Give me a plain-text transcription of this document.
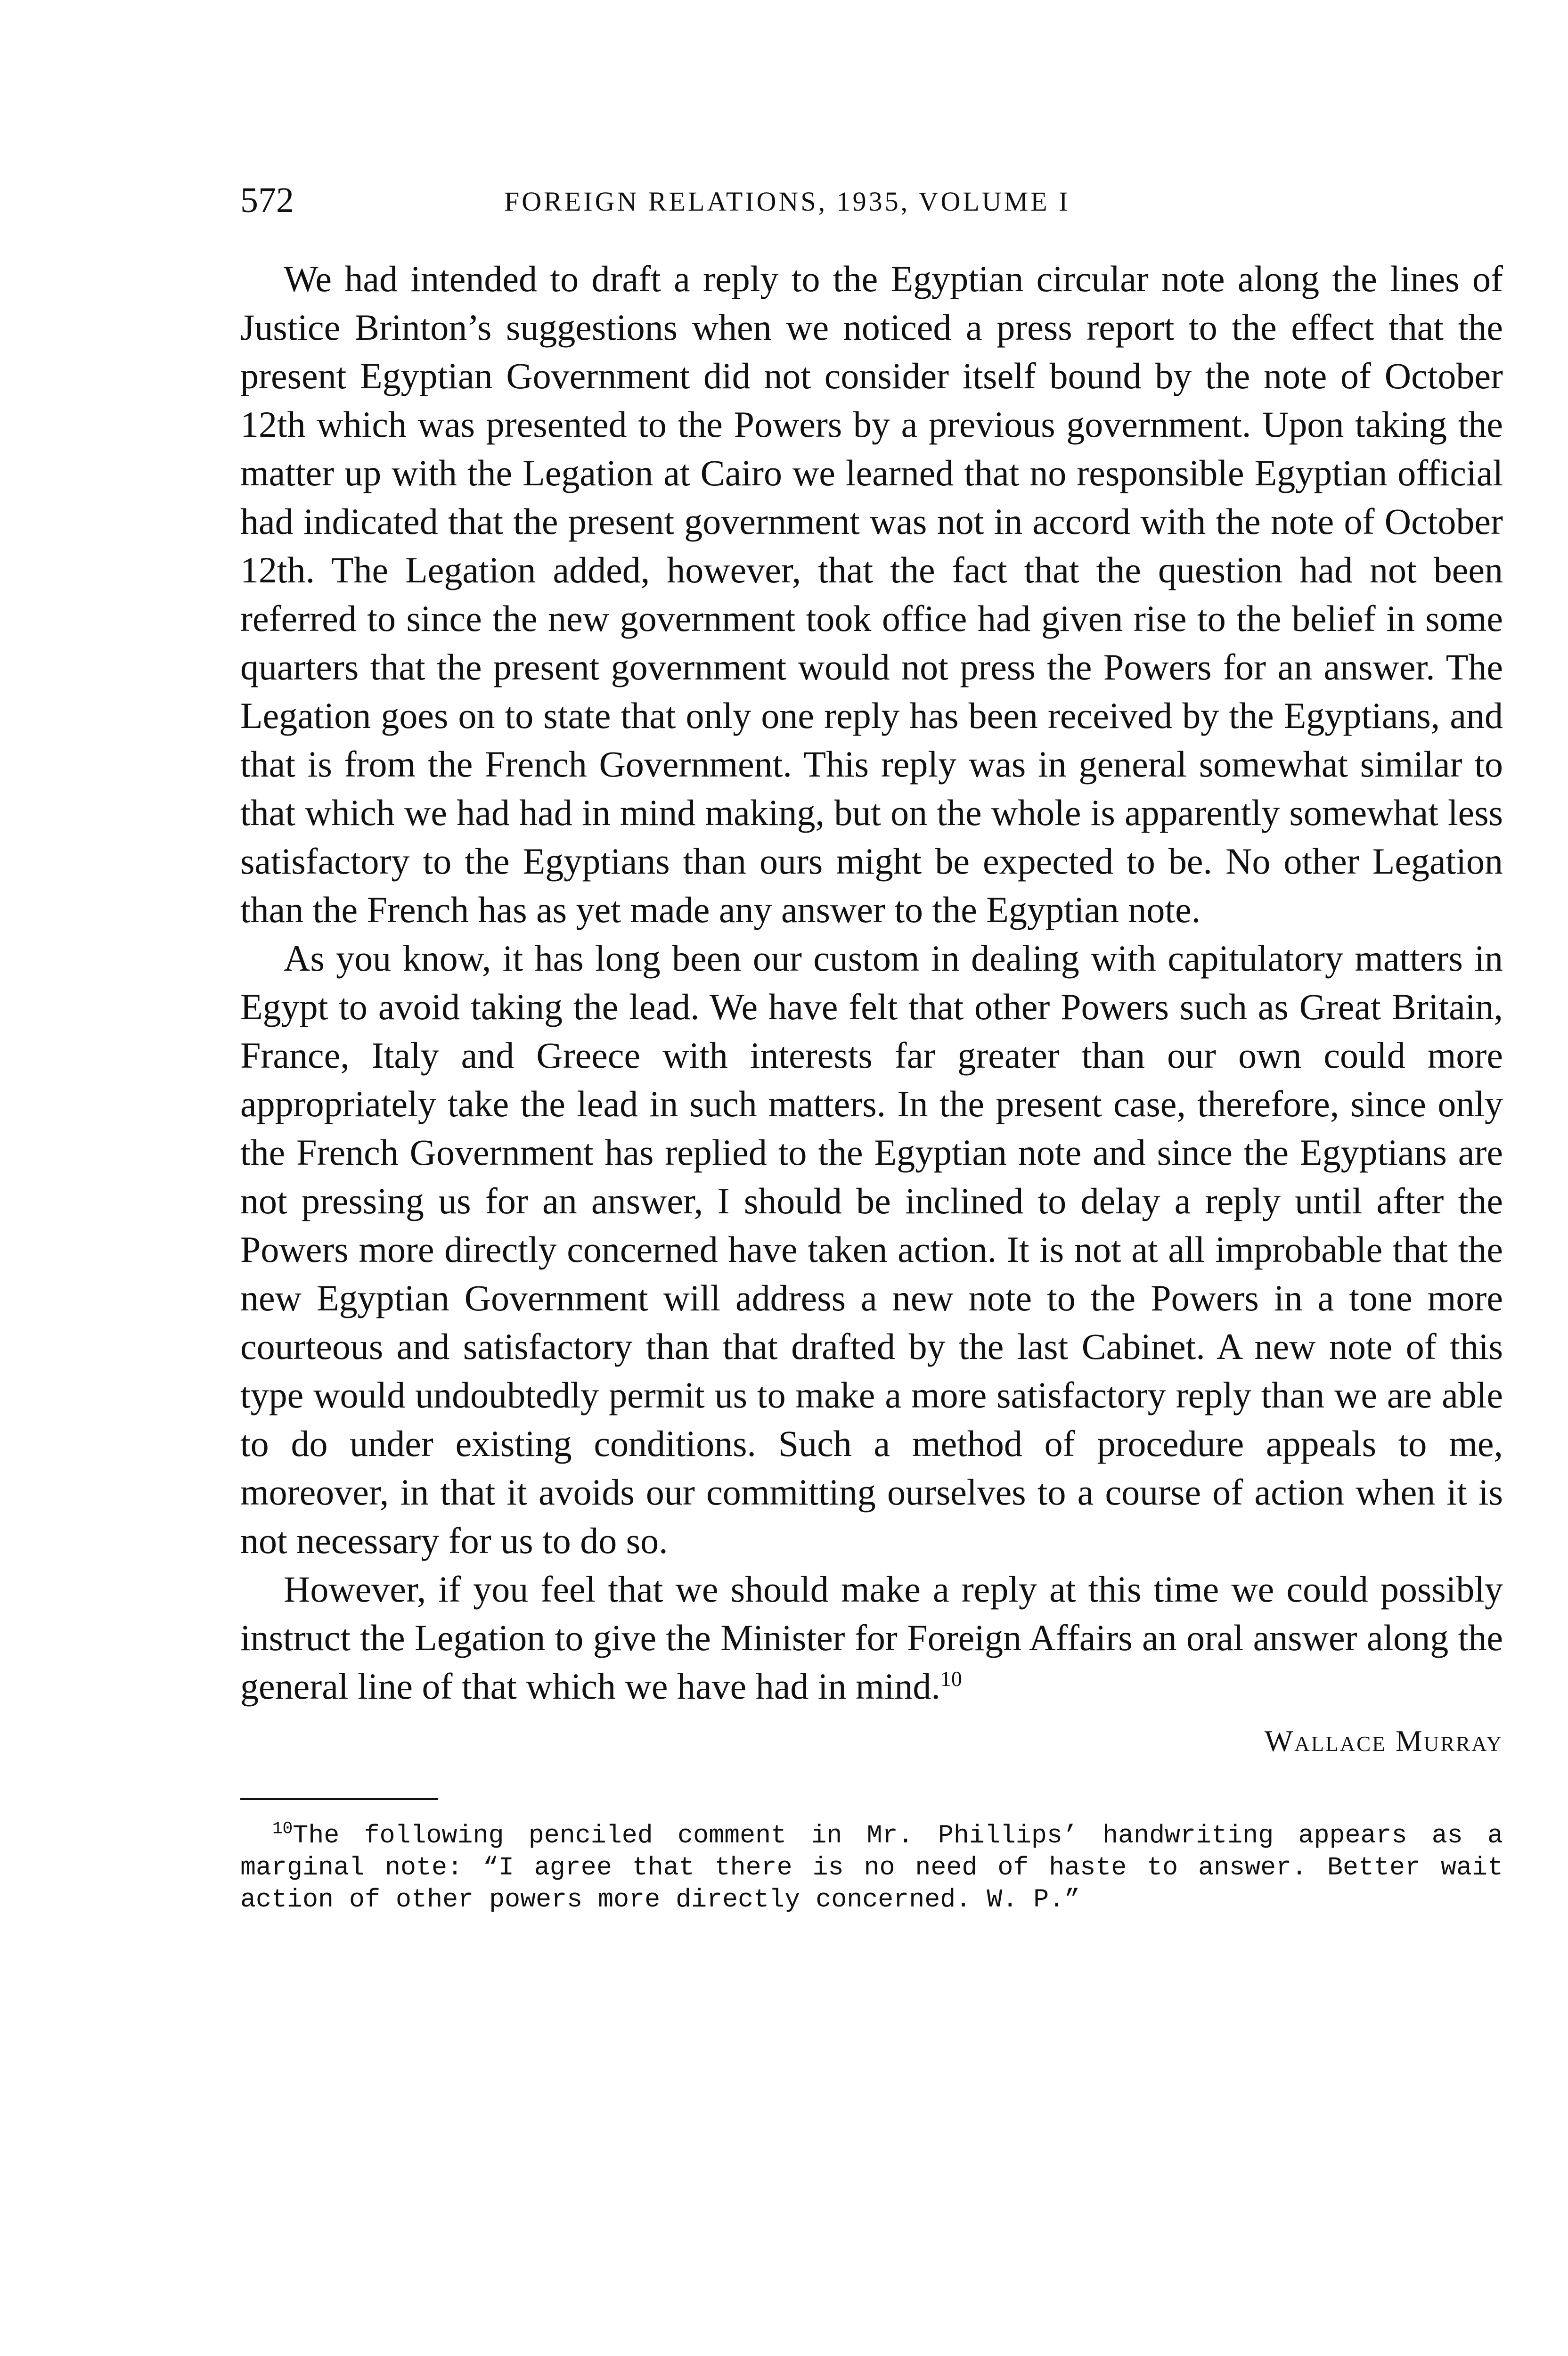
572	FOREIGN RELATIONS, 1935, VOLUME I

We had intended to draft a reply to the Egyptian circular note along the lines of Justice Brinton’s suggestions when we noticed a press report to the effect that the present Egyptian Government did not consider itself bound by the note of October 12th which was presented to the Powers by a previous government. Upon taking the matter up with the Legation at Cairo we learned that no responsible Egyptian official had indicated that the present government was not in accord with the note of October 12th. The Legation added, however, that the fact that the question had not been referred to since the new government took office had given rise to the belief in some quarters that the present government would not press the Powers for an answer. The Legation goes on to state that only one reply has been received by the Egyptians, and that is from the French Government. This reply was in general somewhat similar to that which we had had in mind making, but on the whole is apparently somewhat less satisfactory to the Egyptians than ours might be expected to be. No other Legation than the French has as yet made any answer to the Egyptian note.

As you know, it has long been our custom in dealing with capitulatory matters in Egypt to avoid taking the lead. We have felt that other Powers such as Great Britain, France, Italy and Greece with interests far greater than our own could more appropriately take the lead in such matters. In the present case, therefore, since only the French Government has replied to the Egyptian note and since the Egyptians are not pressing us for an answer, I should be inclined to delay a reply until after the Powers more directly concerned have taken action. It is not at all improbable that the new Egyptian Government will address a new note to the Powers in a tone more courteous and satisfactory than that drafted by the last Cabinet. A new note of this type would undoubtedly permit us to make a more satisfactory reply than we are able to do under existing conditions. Such a method of procedure appeals to me, moreover, in that it avoids our committing ourselves to a course of action when it is not necessary for us to do so.

However, if you feel that we should make a reply at this time we could possibly instruct the Legation to give the Minister for Foreign Affairs an oral answer along the general line of that which we have had in mind.$^{10}$

Wallace Murray
$^{10}$The following penciled comment in Mr. Phillips’ handwriting appears as a marginal note: “I agree that there is no need of haste to answer. Better wait action of other powers more directly concerned. W. P.”
